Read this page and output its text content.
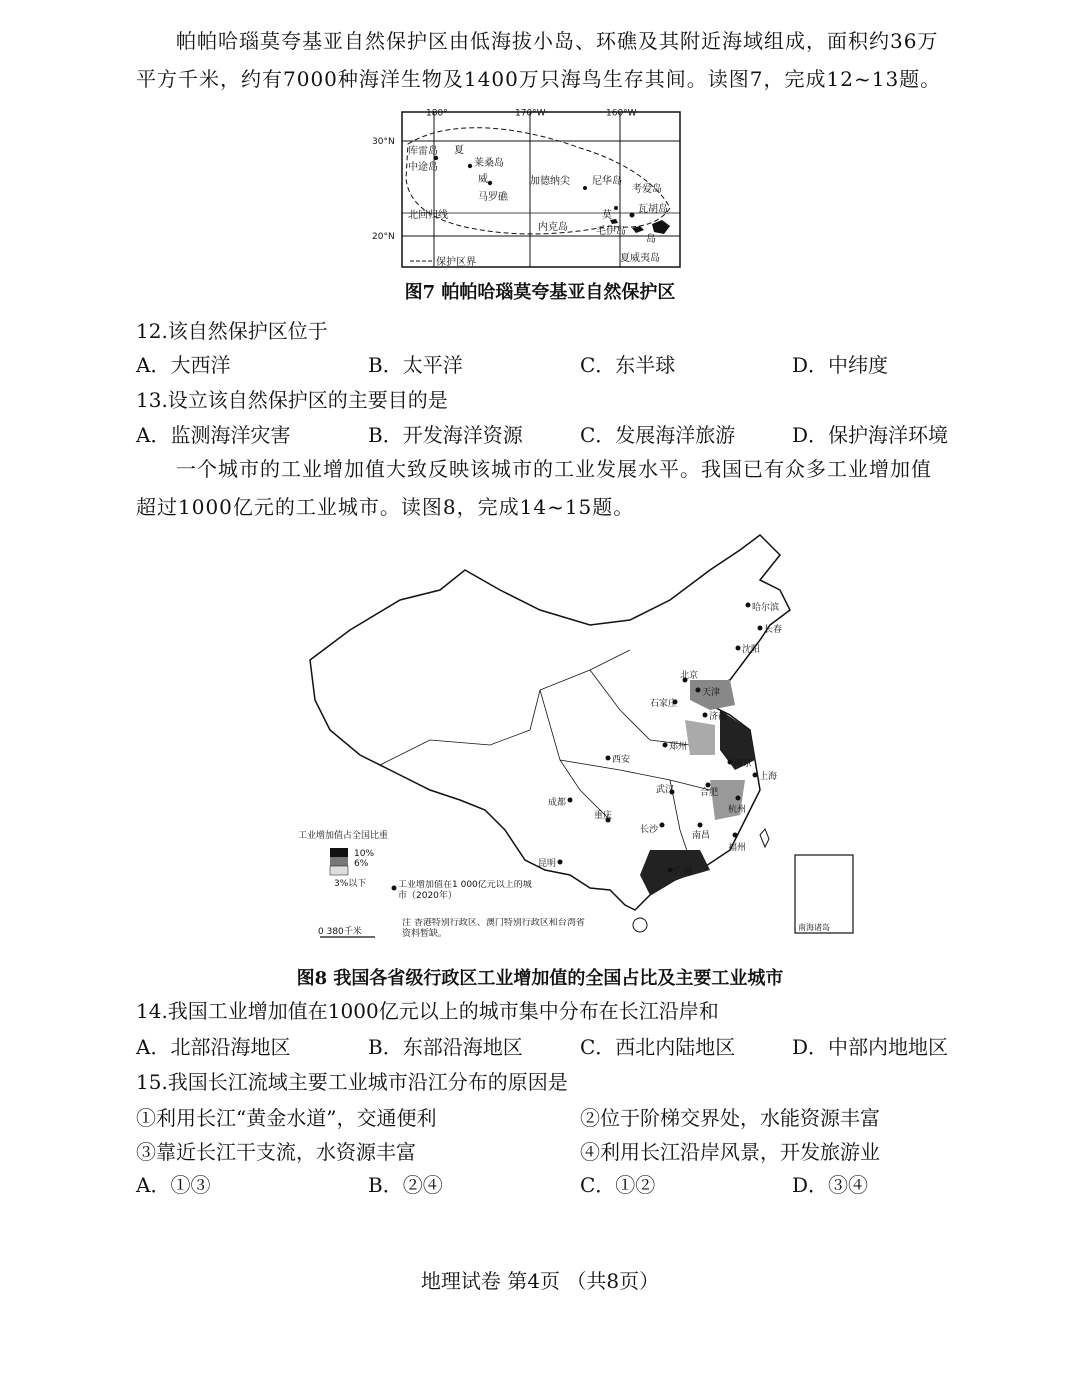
帕帕哈瑙莫夸基亚自然保护区由低海拔小岛、环礁及其附近海域组成，面积约36万
平方千米，约有7000种海洋生物及1400万只海鸟生存其间。读图7，完成12~13题。
保护区界
180°	170°W	160°W
30°N
20°N
库雷岛
中途岛	莱桑岛
夏
威
马罗礁
加德纳尖 尼华岛
考爱岛
瓦胡岛
北回归线
内克岛
莫
毛伊岛
夏威夷岛
岛
图7 帕帕哈瑙莫夸基亚自然保护区
12.该自然保护区位于
A．大西洋	B．太平洋	C．东半球	D．中纬度
13.设立该自然保护区的主要目的是
A．监测海洋灾害	B．开发海洋资源	C．发展海洋旅游	D．保护海洋环境
一个城市的工业增加值大致反映该城市的工业发展水平。我国已有众多工业增加值
超过1000亿元的工业城市。读图8，完成14~15题。
南海诸岛
哈尔滨
长春
沈阳
北京
天津
石家庄
济南
西安
郑州
南京
上海
合肥
武汉
杭州
成都
重庆
长沙
南昌
福州
昆明
广州
工业增加值占全国比重
10%
6%
3%以下	工业增加值在1 000亿元以上的城市（2020年）
0 380千米
注 香港特别行政区、澳门特别行政区和台湾省资料暂缺。
图8 我国各省级行政区工业增加值的全国占比及主要工业城市
14.我国工业增加值在1000亿元以上的城市集中分布在长江沿岸和
A．北部沿海地区	B．东部沿海地区	C．西北内陆地区	D．中部内地地区
15.我国长江流域主要工业城市沿江分布的原因是
①利用长江“黄金水道”，交通便利	②位于阶梯交界处，水能资源丰富
③靠近长江干支流，水资源丰富	④利用长江沿岸风景，开发旅游业
A．①③	B．②④	C．①②	D．③④
地理试卷 第4页 （共8页）
